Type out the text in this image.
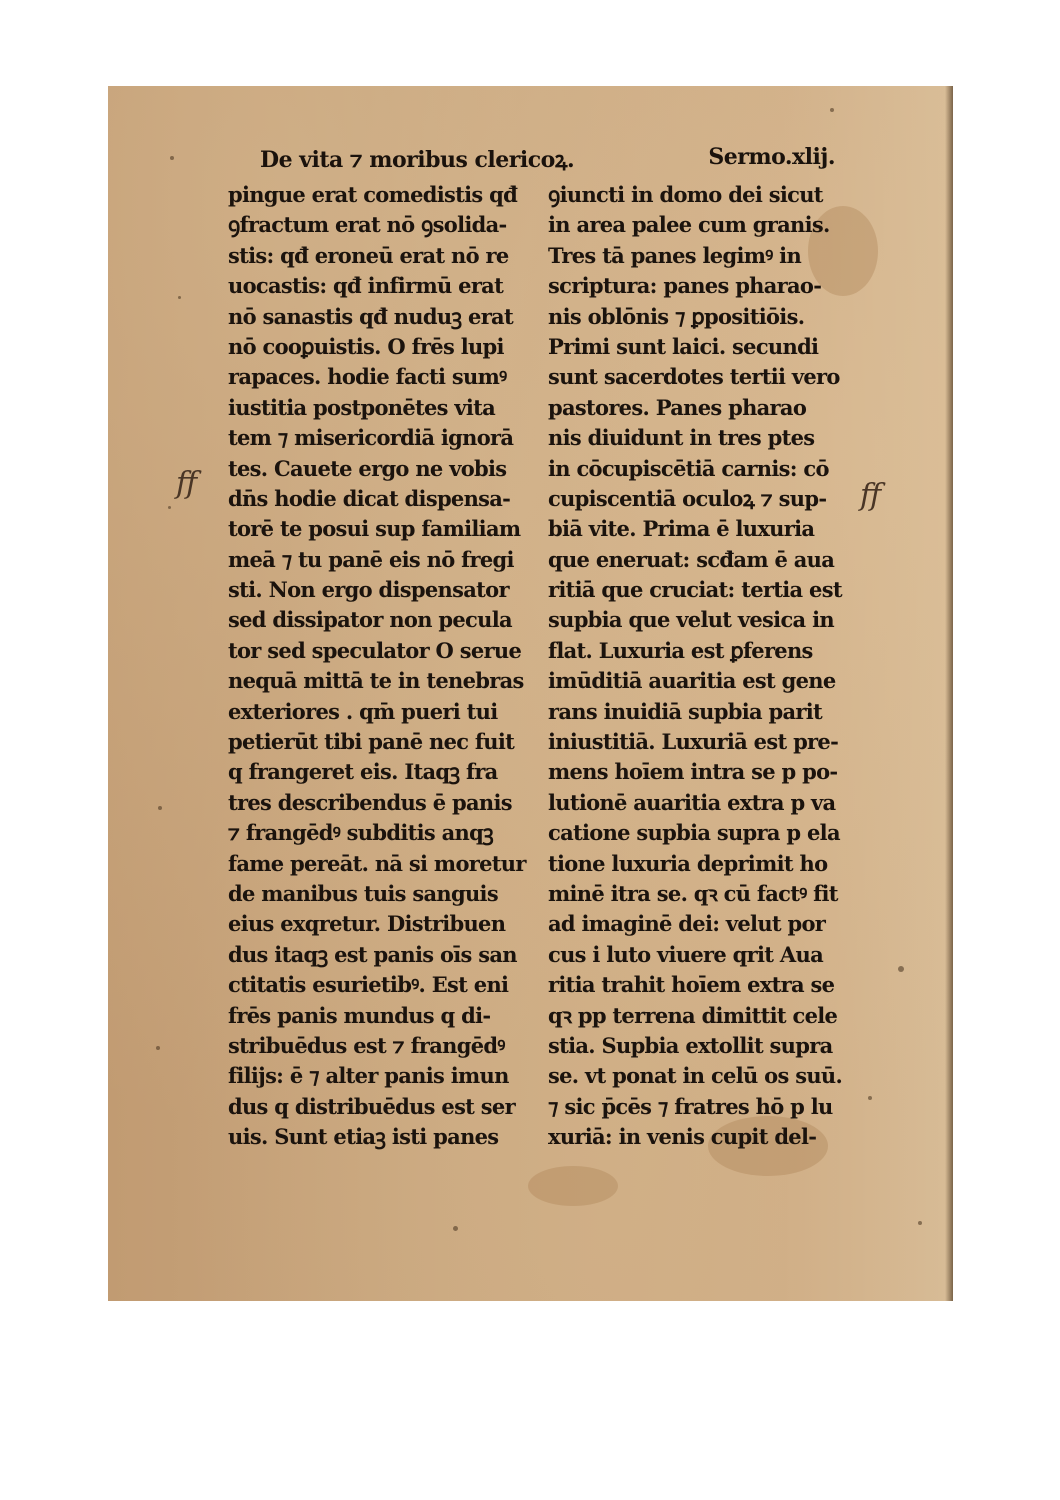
De vita ⁊ moribus clericoꝝ.	Sermo.xlij.
pingue erat comedistis qđ
ꝯfractum erat nō ꝯsolida-
stis: qđ eroneū erat nō re
uocastis: qđ infirmū erat
nō sanastis qđ nuduꝫ erat
nō cooꝑuistis. O frēs lupi
rapaces. hodie facti sumꝰ
iustitia postponētes vita
tem ⁊ misericordiā ignorā
tes. Cauete ergo ne vobis
dn̄s hodie dicat dispensa-
torē te posui sup familiam
meā ⁊ tu panē eis nō fregi
sti. Non ergo dispensator
sed dissipator non pecula
tor sed speculator O serue
nequā mittā te in tenebras
exteriores . qm̄ pueri tui
petierūt tibi panē nec fuit
q frangeret eis. Itaqꝫ fra
tres describendus ē panis
⁊ frangēdꝰ subditis anqꝫ
fame pereāt. nā si moretur
de manibus tuis sanguis
eius exqretur. Distribuen
dus itaqꝫ est panis oīs san
ctitatis esurietibꝰ. Est eni
frēs panis mundus q di-
stribuēdus est ⁊ frangēdꝰ
filijs: ē ⁊ alter panis imun
dus q distribuēdus est ser
uis. Sunt etiaꝫ isti panes
ꝯiuncti in domo dei sicut
in area palee cum granis.
Tres tā panes legimꝰ in
scriptura: panes pharao-
nis oblōnis ⁊ ꝑpositiōis.
Primi sunt laici. secundi
sunt sacerdotes tertii vero
pastores. Panes pharao
nis diuidunt in tres ptes
in cōcupiscētiā carnis: cō
cupiscentiā oculoꝝ ⁊ sup-
biā vite. Prima ē luxuria
que eneruat: scđam ē aua
ritiā que cruciat: tertia est
supbia que velut vesica in
flat. Luxuria est ꝑferens
imūditiā auaritia est gene
rans inuidiā supbia parit
iniustitiā. Luxuriā est pre-
mens hoīem intra se p po-
lutionē auaritia extra p va
catione supbia supra p ela
tione luxuria deprimit ho
minē itra se. qꝛ cū factꝰ fit
ad imaginē dei: velut por
cus i luto viuere qrit Aua
ritia trahit hoīem extra se
qꝛ pp terrena dimittit cele
stia. Supbia extollit supra
se. vt ponat in celū os suū.
⁊ sic p̄cēs ⁊ fratres hō p lu
xuriā: in venis cupit del-
ff	ff
